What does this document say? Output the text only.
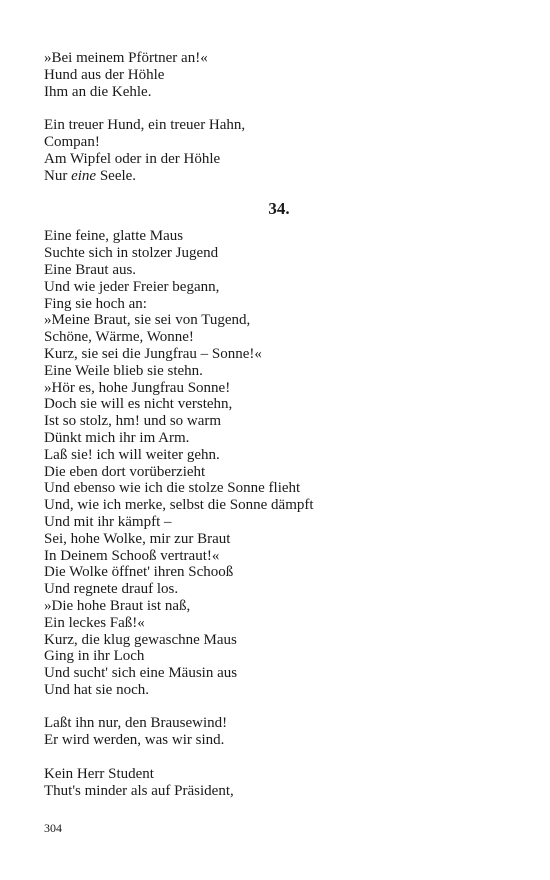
»Bei meinem Pförtner an!«
Hund aus der Höhle
Ihm an die Kehle.
Ein treuer Hund, ein treuer Hahn,
Compan!
Am Wipfel oder in der Höhle
Nur eine Seele.
34.
Eine feine, glatte Maus
Suchte sich in stolzer Jugend
Eine Braut aus.
Und wie jeder Freier begann,
Fing sie hoch an:
»Meine Braut, sie sei von Tugend,
Schöne, Wärme, Wonne!
Kurz, sie sei die Jungfrau – Sonne!«
Eine Weile blieb sie stehn.
»Hör es, hohe Jungfrau Sonne!
Doch sie will es nicht verstehn,
Ist so stolz, hm! und so warm
Dünkt mich ihr im Arm.
Laß sie! ich will weiter gehn.
Die eben dort vorüberzieht
Und ebenso wie ich die stolze Sonne flieht
Und, wie ich merke, selbst die Sonne dämpft
Und mit ihr kämpft –
Sei, hohe Wolke, mir zur Braut
In Deinem Schooß vertraut!«
Die Wolke öffnet' ihren Schooß
Und regnete drauf los.
»Die hohe Braut ist naß,
Ein leckes Faß!«
Kurz, die klug gewaschne Maus
Ging in ihr Loch
Und sucht' sich eine Mäusin aus
Und hat sie noch.
Laßt ihn nur, den Brausewind!
Er wird werden, was wir sind.
Kein Herr Student
Thut's minder als auf Präsident,
304
